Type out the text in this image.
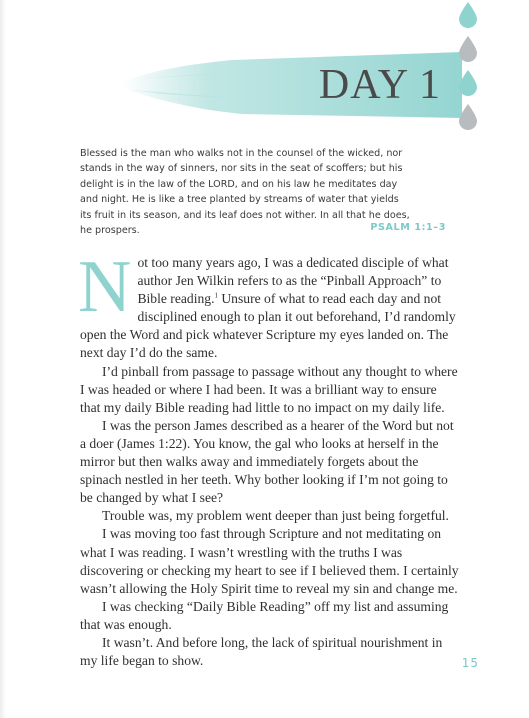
DAY 1
Blessed is the man who walks not in the counsel of the wicked, nor
stands in the way of sinners, nor sits in the seat of scoffers; but his
delight is in the law of the LORD, and on his law he meditates day
and night. He is like a tree planted by streams of water that yields
its fruit in its season, and its leaf does not wither. In all that he does,
he prospers.	PSALM 1:1–3

Not too many years ago, I was a dedicated disciple of what author Jen Wilkin refers to as the “Pinball Approach” to Bible reading.$^1$ Unsure of what to read each day and not disciplined enough to plan it out beforehand, I’d randomly open the Word and pick whatever Scripture my eyes landed on. The next day I’d do the same.

I’d pinball from passage to passage without any thought to where I was headed or where I had been. It was a brilliant way to ensure that my daily Bible reading had little to no impact on my daily life.

I was the person James described as a hearer of the Word but not a doer (James 1:22). You know, the gal who looks at herself in the mirror but then walks away and immediately forgets about the spinach nestled in her teeth. Why bother looking if I’m not going to be changed by what I see?

Trouble was, my problem went deeper than just being forgetful.

I was moving too fast through Scripture and not meditating on what I was reading. I wasn’t wrestling with the truths I was discovering or checking my heart to see if I believed them. I certainly wasn’t allowing the Holy Spirit time to reveal my sin and change me.

I was checking “Daily Bible Reading” off my list and assuming that was enough.

It wasn’t. And before long, the lack of spiritual nourishment in my life began to show.	15
